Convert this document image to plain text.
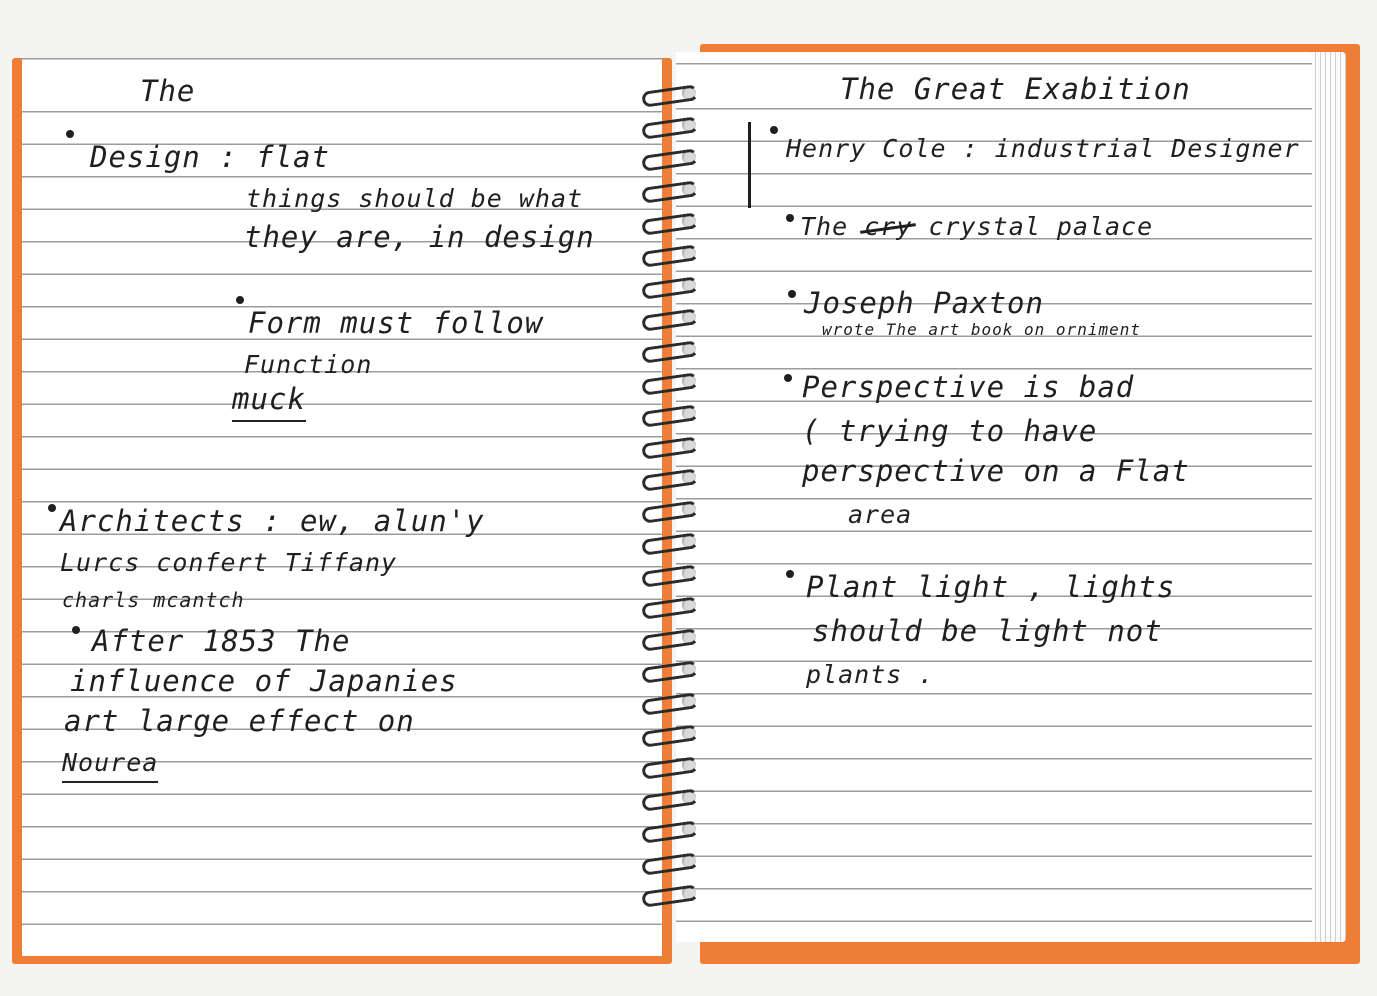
The
Design : flat
things should be what
they are, in design
Form must follow
Function
muck
Architects : ew, alun'y
Lurcs confert Tiffany
charls mcantch
After 1853 The
influence of Japanies
art large effect on
Nourea
The Great Exabition
Henry Cole : industrial Designer
The cry crystal palace
Joseph Paxton
wrote The art book on orniment
Perspective is bad
( trying to have
perspective on a Flat
area
Plant light , lights
should be light not
plants .
